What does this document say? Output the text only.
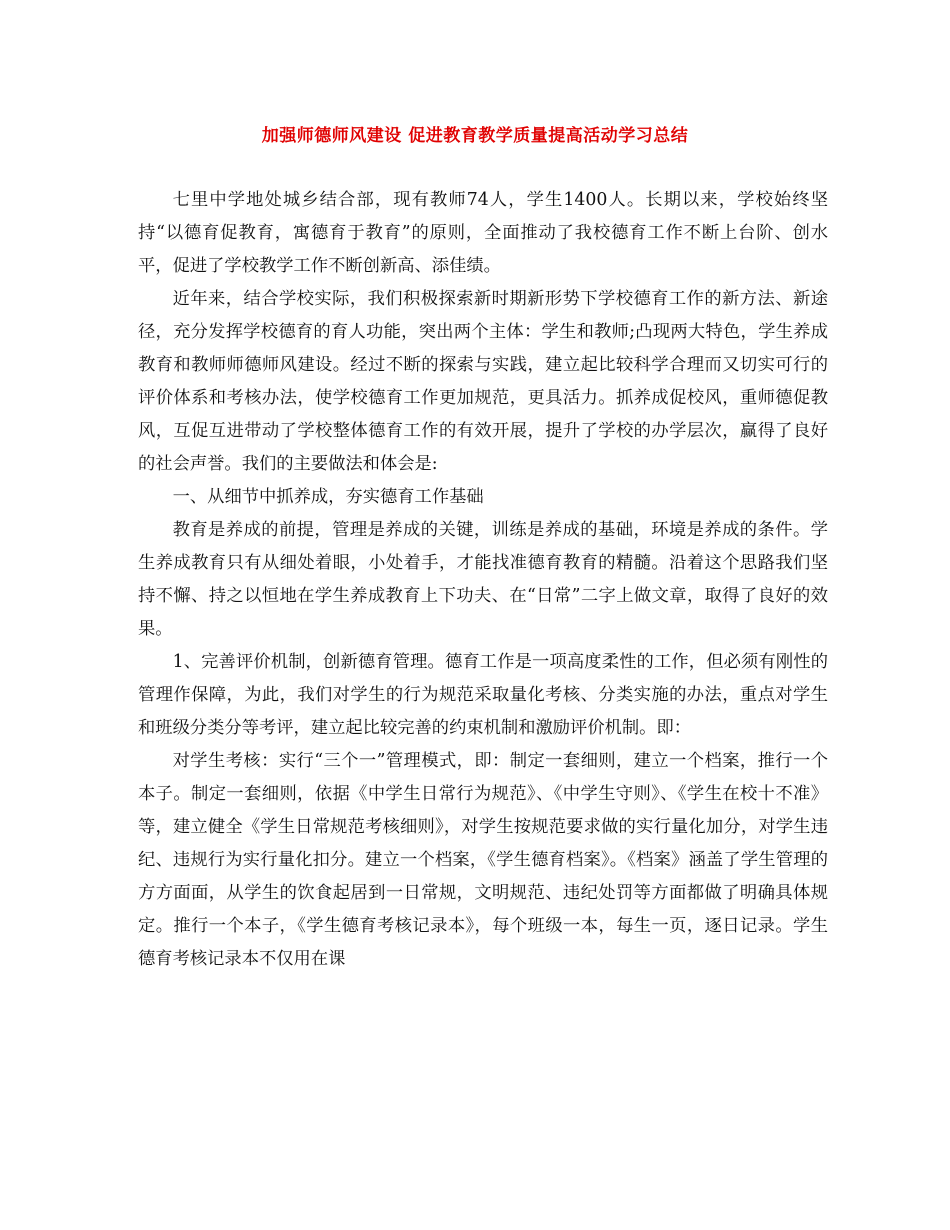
加强师德师风建设 促进教育教学质量提高活动学习总结

七里中学地处城乡结合部，现有教师74人，学生1400人。长期以来，学校始终坚持“以德育促教育，寓德育于教育”的原则，全面推动了我校德育工作不断上台阶、创水平，促进了学校教学工作不断创新高、添佳绩。

近年来，结合学校实际，我们积极探索新时期新形势下学校德育工作的新方法、新途径，充分发挥学校德育的育人功能，突出两个主体：学生和教师;凸现两大特色，学生养成教育和教师师德师风建设。经过不断的探索与实践，建立起比较科学合理而又切实可行的评价体系和考核办法，使学校德育工作更加规范，更具活力。抓养成促校风，重师德促教风，互促互进带动了学校整体德育工作的有效开展，提升了学校的办学层次，赢得了良好的社会声誉。我们的主要做法和体会是:

一、从细节中抓养成，夯实德育工作基础

教育是养成的前提，管理是养成的关键，训练是养成的基础，环境是养成的条件。学生养成教育只有从细处着眼，小处着手，才能找准德育教育的精髓。沿着这个思路我们坚持不懈、持之以恒地在学生养成教育上下功夫、在“日常”二字上做文章，取得了良好的效果。

1、完善评价机制，创新德育管理。德育工作是一项高度柔性的工作，但必须有刚性的管理作保障，为此，我们对学生的行为规范采取量化考核、分类实施的办法，重点对学生和班级分类分等考评，建立起比较完善的约束机制和激励评价机制。即：

对学生考核：实行“三个一”管理模式，即：制定一套细则，建立一个档案，推行一个本子。制定一套细则，依据《中学生日常行为规范》、《中学生守则》、《学生在校十不准》等，建立健全《学生日常规范考核细则》，对学生按规范要求做的实行量化加分，对学生违纪、违规行为实行量化扣分。建立一个档案，《学生德育档案》。《档案》涵盖了学生管理的方方面面，从学生的饮食起居到一日常规，文明规范、违纪处罚等方面都做了明确具体规定。推行一个本子，《学生德育考核记录本》，每个班级一本，每生一页，逐日记录。学生德育考核记录本不仅用在课
